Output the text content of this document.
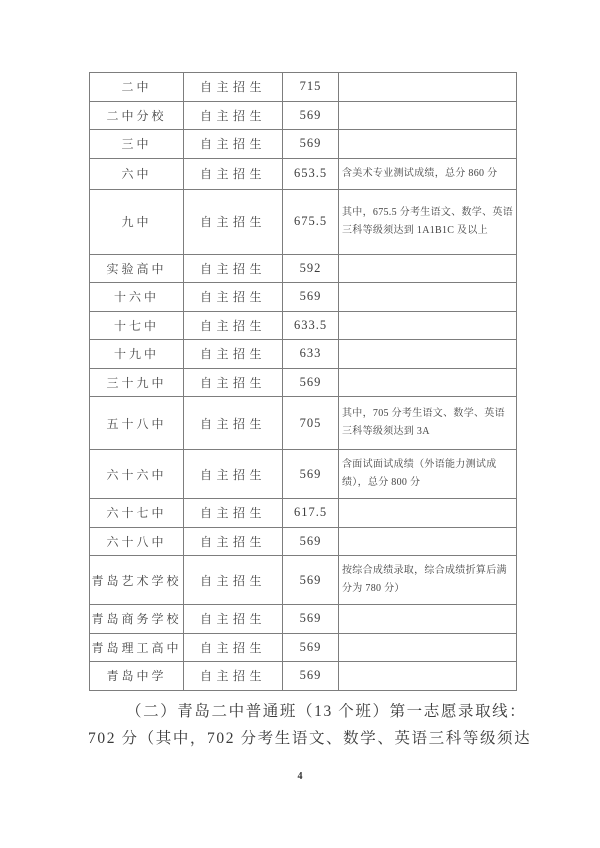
二中	自主招生	715	
二中分校	自主招生	569	
三中	自主招生	569	
六中	自主招生	653.5	含美术专业测试成绩，总分 860 分
九中	自主招生	675.5	其中，675.5 分考生语文、数学、英语三科等级须达到 1A1B1C 及以上
实验高中	自主招生	592	
十六中	自主招生	569	
十七中	自主招生	633.5	
十九中	自主招生	633	
三十九中	自主招生	569	
五十八中	自主招生	705	其中，705 分考生语文、数学、英语三科等级须达到 3A
六十六中	自主招生	569	含面试面试成绩（外语能力测试成绩），总分 800 分
六十七中	自主招生	617.5	
六十八中	自主招生	569	
青岛艺术学校	自主招生	569	按综合成绩录取，综合成绩折算后满分为 780 分）
青岛商务学校	自主招生	569	
青岛理工高中	自主招生	569	
青岛中学	自主招生	569	
（二）青岛二中普通班（13 个班）第一志愿录取线：
702 分（其中，702 分考生语文、数学、英语三科等级须达
4
